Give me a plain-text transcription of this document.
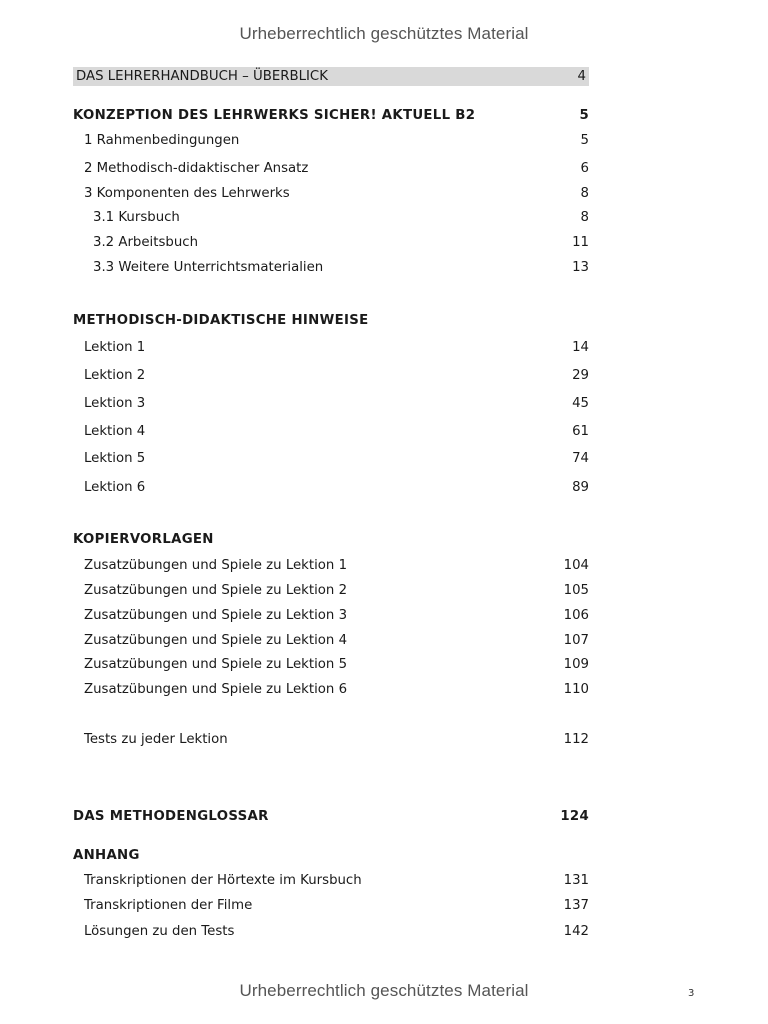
Urheberrechtlich geschütztes Material
DAS LEHRERHANDBUCH – ÜBERBLICK	4
KONZEPTION DES LEHRWERKS SICHER! AKTUELL B2	5
1 Rahmenbedingungen	5
2 Methodisch-didaktischer Ansatz	6
3 Komponenten des Lehrwerks	8
3.1 Kursbuch	8
3.2 Arbeitsbuch	11
3.3 Weitere Unterrichtsmaterialien	13
METHODISCH-DIDAKTISCHE HINWEISE
Lektion 1	14
Lektion 2	29
Lektion 3	45
Lektion 4	61
Lektion 5	74
Lektion 6	89
KOPIERVORLAGEN
Zusatzübungen und Spiele zu Lektion 1	104
Zusatzübungen und Spiele zu Lektion 2	105
Zusatzübungen und Spiele zu Lektion 3	106
Zusatzübungen und Spiele zu Lektion 4	107
Zusatzübungen und Spiele zu Lektion 5	109
Zusatzübungen und Spiele zu Lektion 6	110
Tests zu jeder Lektion	112
DAS METHODENGLOSSAR	124
ANHANG
Transkriptionen der Hörtexte im Kursbuch	131
Transkriptionen der Filme	137
Lösungen zu den Tests	142
Urheberrechtlich geschütztes Material	3
